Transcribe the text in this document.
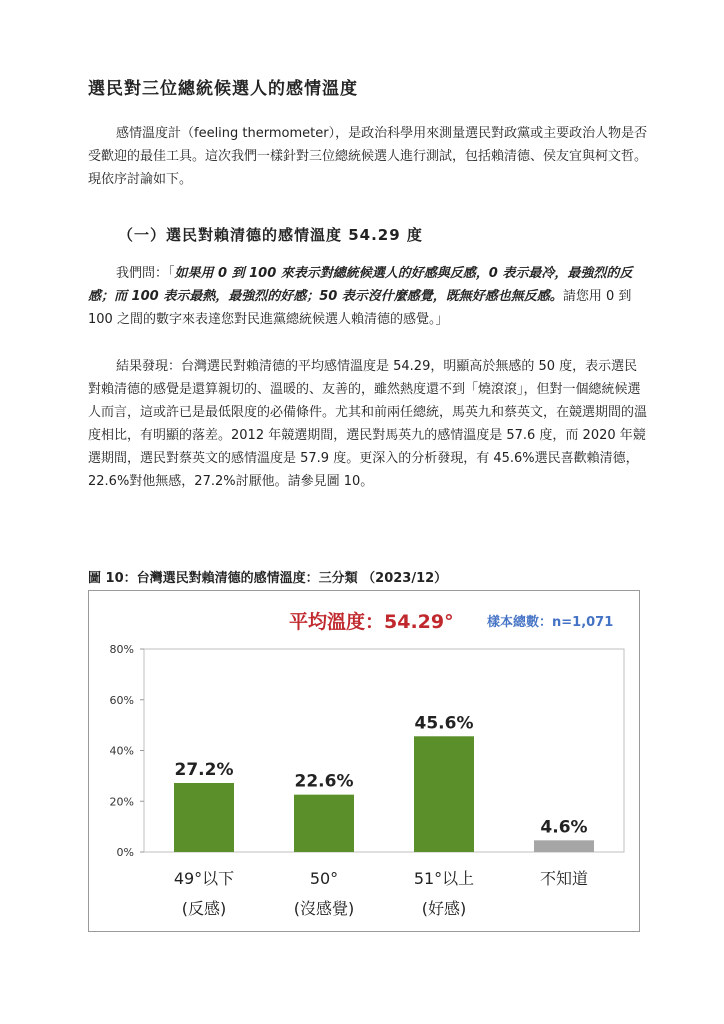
選民對三位總統候選人的感情溫度

感情溫度計（feeling thermometer），是政治科學用來測量選民對政黨或主要政治人物是否受歡迎的最佳工具。這次我們一樣針對三位總統候選人進行測試，包括賴清德、侯友宜與柯文哲。現依序討論如下。

（一）選民對賴清德的感情溫度 54.29 度

我們問：「如果用 0 到 100 來表示對總統候選人的好感與反感，0 表示最冷，最強烈的反感；而 100 表示最熱，最強烈的好感；50 表示沒什麼感覺，既無好感也無反感。請您用 0 到 100 之間的數字來表達您對民進黨總統候選人賴清德的感覺。」

結果發現：台灣選民對賴清德的平均感情溫度是 54.29，明顯高於無感的 50 度，表示選民對賴清德的感覺是還算親切的、溫暖的、友善的，雖然熱度還不到「燒滾滾」，但對一個總統候選人而言，這或許已是最低限度的必備條件。尤其和前兩任總統，馬英九和蔡英文，在競選期間的溫度相比，有明顯的落差。2012 年競選期間，選民對馬英九的感情溫度是 57.6 度，而 2020 年競選期間，選民對蔡英文的感情溫度是 57.9 度。更深入的分析發現，有 45.6%選民喜歡賴清德，22.6%對他無感，27.2%討厭他。請參見圖 10。

圖 10：台灣選民對賴清德的感情溫度：三分類 （2023/12）
0%
20%
40%
60%
80%
平均溫度：54.29°	樣本總數：n=1,071
27.2%
49°以下
(反感)
22.6%
50°
(沒感覺)
45.6%
51°以上
(好感)
4.6%
不知道
